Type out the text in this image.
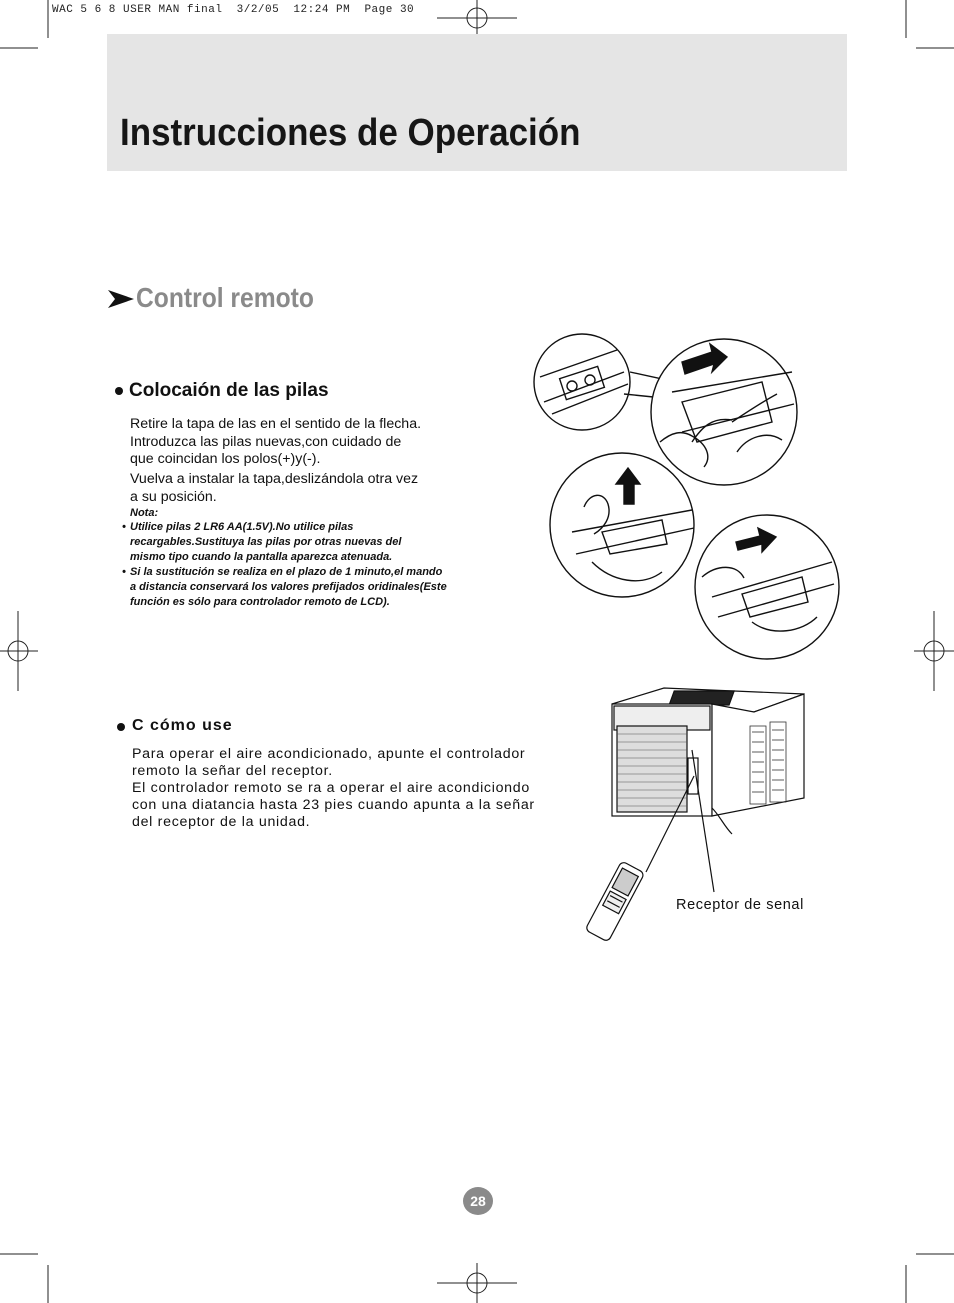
WAC 5 6 8 USER MAN final  3/2/05  12:24 PM  Page 30
Instrucciones de Operación
Control remoto
Colocaión de las pilas
Retire la tapa de las en el sentido de la flecha.
Introduzca las pilas nuevas,con cuidado de
que coincidan los polos(+)y(-).
Vuelva a instalar la tapa,deslizándola otra vez
a su posición.
Nota:
• Utilice pilas 2 LR6 AA(1.5V).No utilice pilas
recargables.Sustituya las pilas por otras nuevas del
mismo tipo cuando la pantalla aparezca atenuada.
• Si la sustitución se realiza en el plazo de 1 minuto,el mando
a distancia conservará los valores prefijados oridinales(Este
función es sólo para controlador remoto de LCD).
C cómo use
Para operar el aire acondicionado, apunte el controlador
remoto la señar del receptor.
El controlador remoto se ra a operar el aire acondiciondo
con una diatancia hasta 23 pies cuando apunta a la señar
del receptor de la unidad.
Receptor de senal
28
